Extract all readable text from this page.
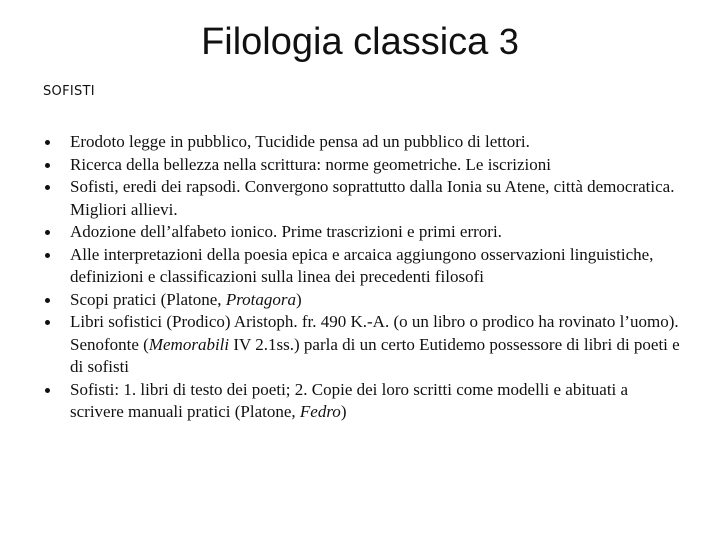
Filologia classica 3
SOFISTI
Erodoto legge in pubblico, Tucidide pensa ad un pubblico di lettori.
Ricerca della bellezza nella scrittura: norme geometriche. Le iscrizioni
Sofisti, eredi dei rapsodi. Convergono soprattutto dalla Ionia su Atene, città democratica. Migliori allievi.
Adozione dell’alfabeto ionico. Prime trascrizioni e primi errori.
Alle interpretazioni della poesia epica e arcaica aggiungono osservazioni linguistiche, definizioni e classificazioni sulla linea dei precedenti filosofi
Scopi pratici (Platone, Protagora)
Libri sofistici (Prodico) Aristoph. fr. 490 K.-A. (o un libro o prodico ha rovinato l’uomo). Senofonte (Memorabili IV 2.1ss.) parla di un certo Eutidemo possessore di libri di poeti e di sofisti
Sofisti: 1. libri di testo dei poeti; 2. Copie dei loro scritti come modelli e abituati a scrivere manuali pratici (Platone, Fedro)
